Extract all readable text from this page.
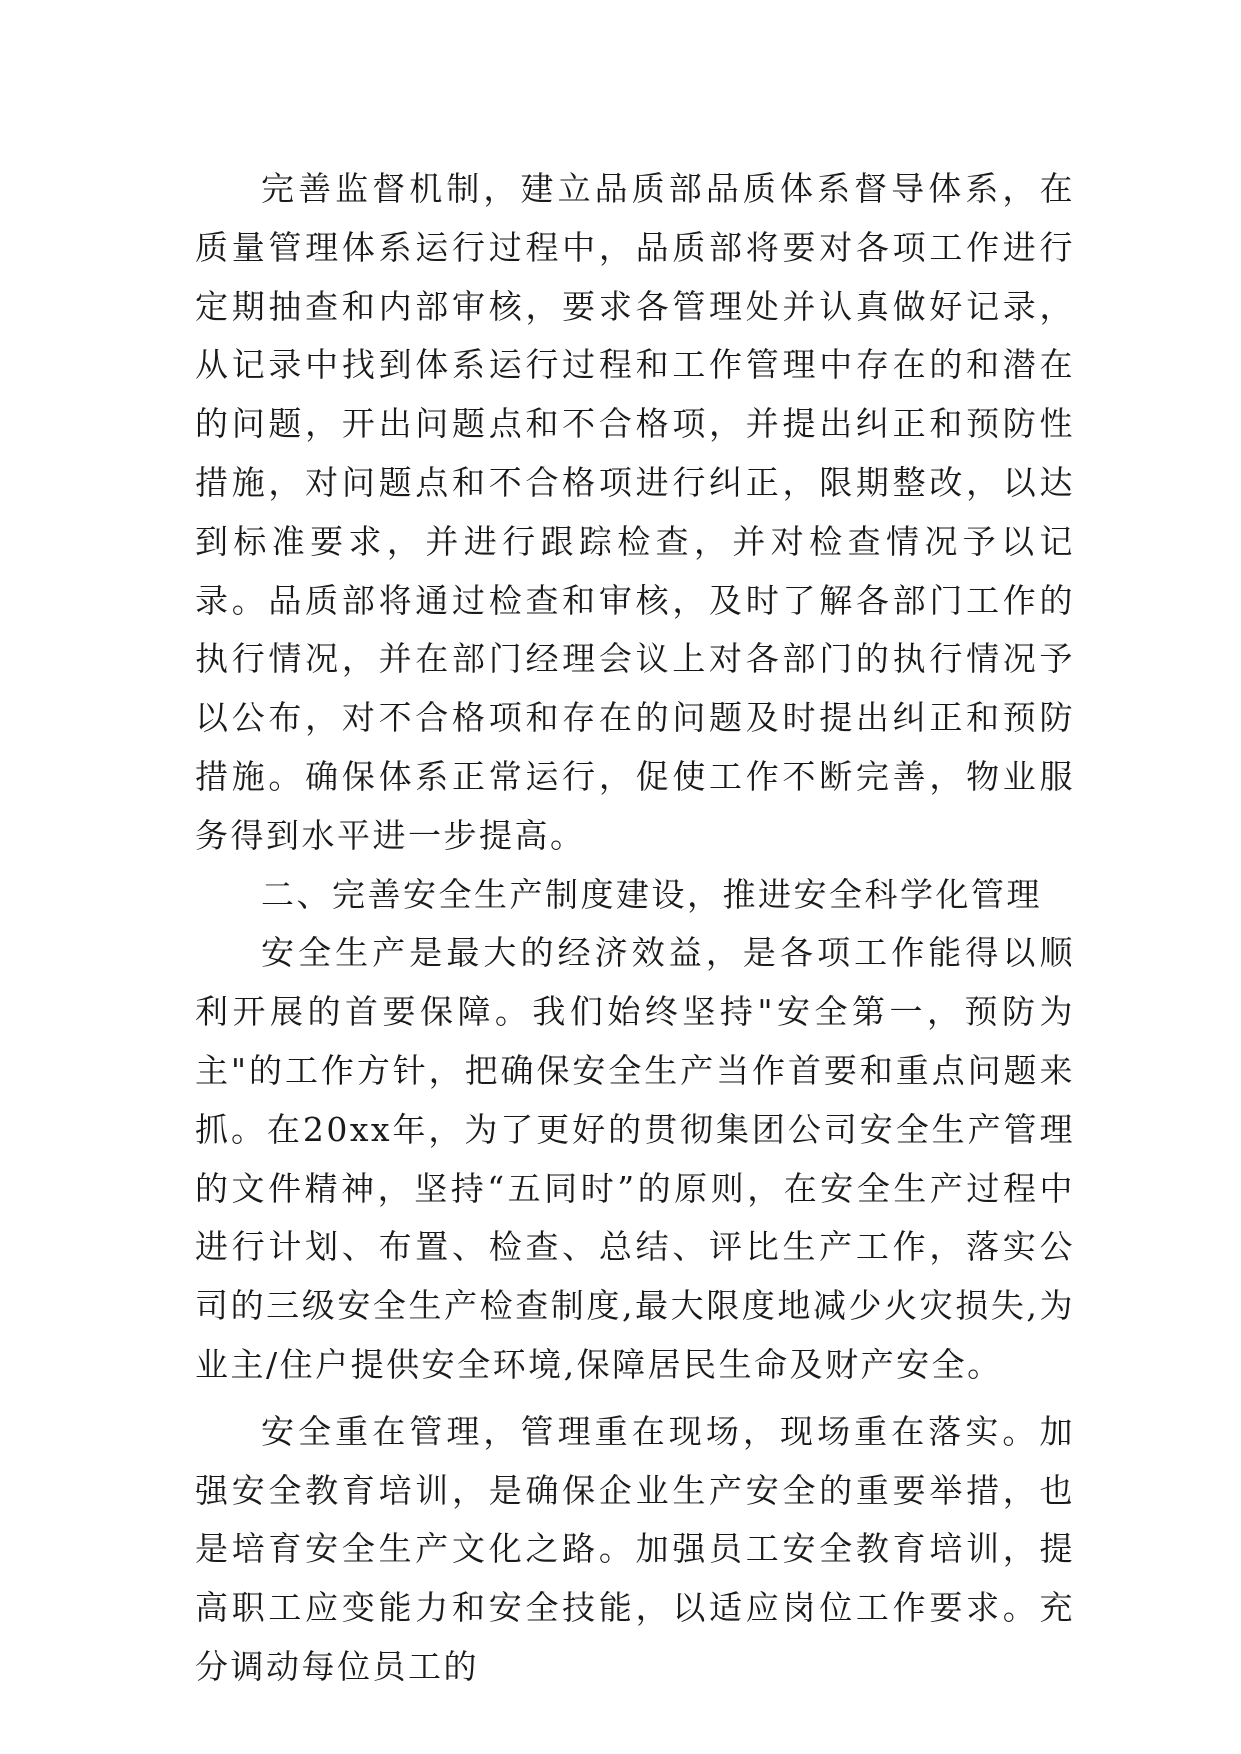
完善监督机制，建立品质部品质体系督导体系，在质量管理体系运行过程中，品质部将要对各项工作进行定期抽查和内部审核，要求各管理处并认真做好记录，从记录中找到体系运行过程和工作管理中存在的和潜在的问题，开出问题点和不合格项，并提出纠正和预防性措施，对问题点和不合格项进行纠正，限期整改，以达到标准要求，并进行跟踪检查，并对检查情况予以记录。品质部将通过检查和审核，及时了解各部门工作的执行情况，并在部门经理会议上对各部门的执行情况予以公布，对不合格项和存在的问题及时提出纠正和预防措施。确保体系正常运行，促使工作不断完善，物业服务得到水平进一步提高。

二、完善安全生产制度建设，推进安全科学化管理

安全生产是最大的经济效益，是各项工作能得以顺利开展的首要保障。我们始终坚持"安全第一，预防为主"的工作方针，把确保安全生产当作首要和重点问题来抓。在20xx年，为了更好的贯彻集团公司安全生产管理的文件精神，坚持“五同时”的原则，在安全生产过程中进行计划、布置、检查、总结、评比生产工作，落实公司的三级安全生产检查制度,最大限度地减少火灾损失,为业主/住户提供安全环境,保障居民生命及财产安全。

安全重在管理，管理重在现场，现场重在落实。加强安全教育培训，是确保企业生产安全的重要举措，也是培育安全生产文化之路。加强员工安全教育培训，提高职工应变能力和安全技能，以适应岗位工作要求。充分调动每位员工的
